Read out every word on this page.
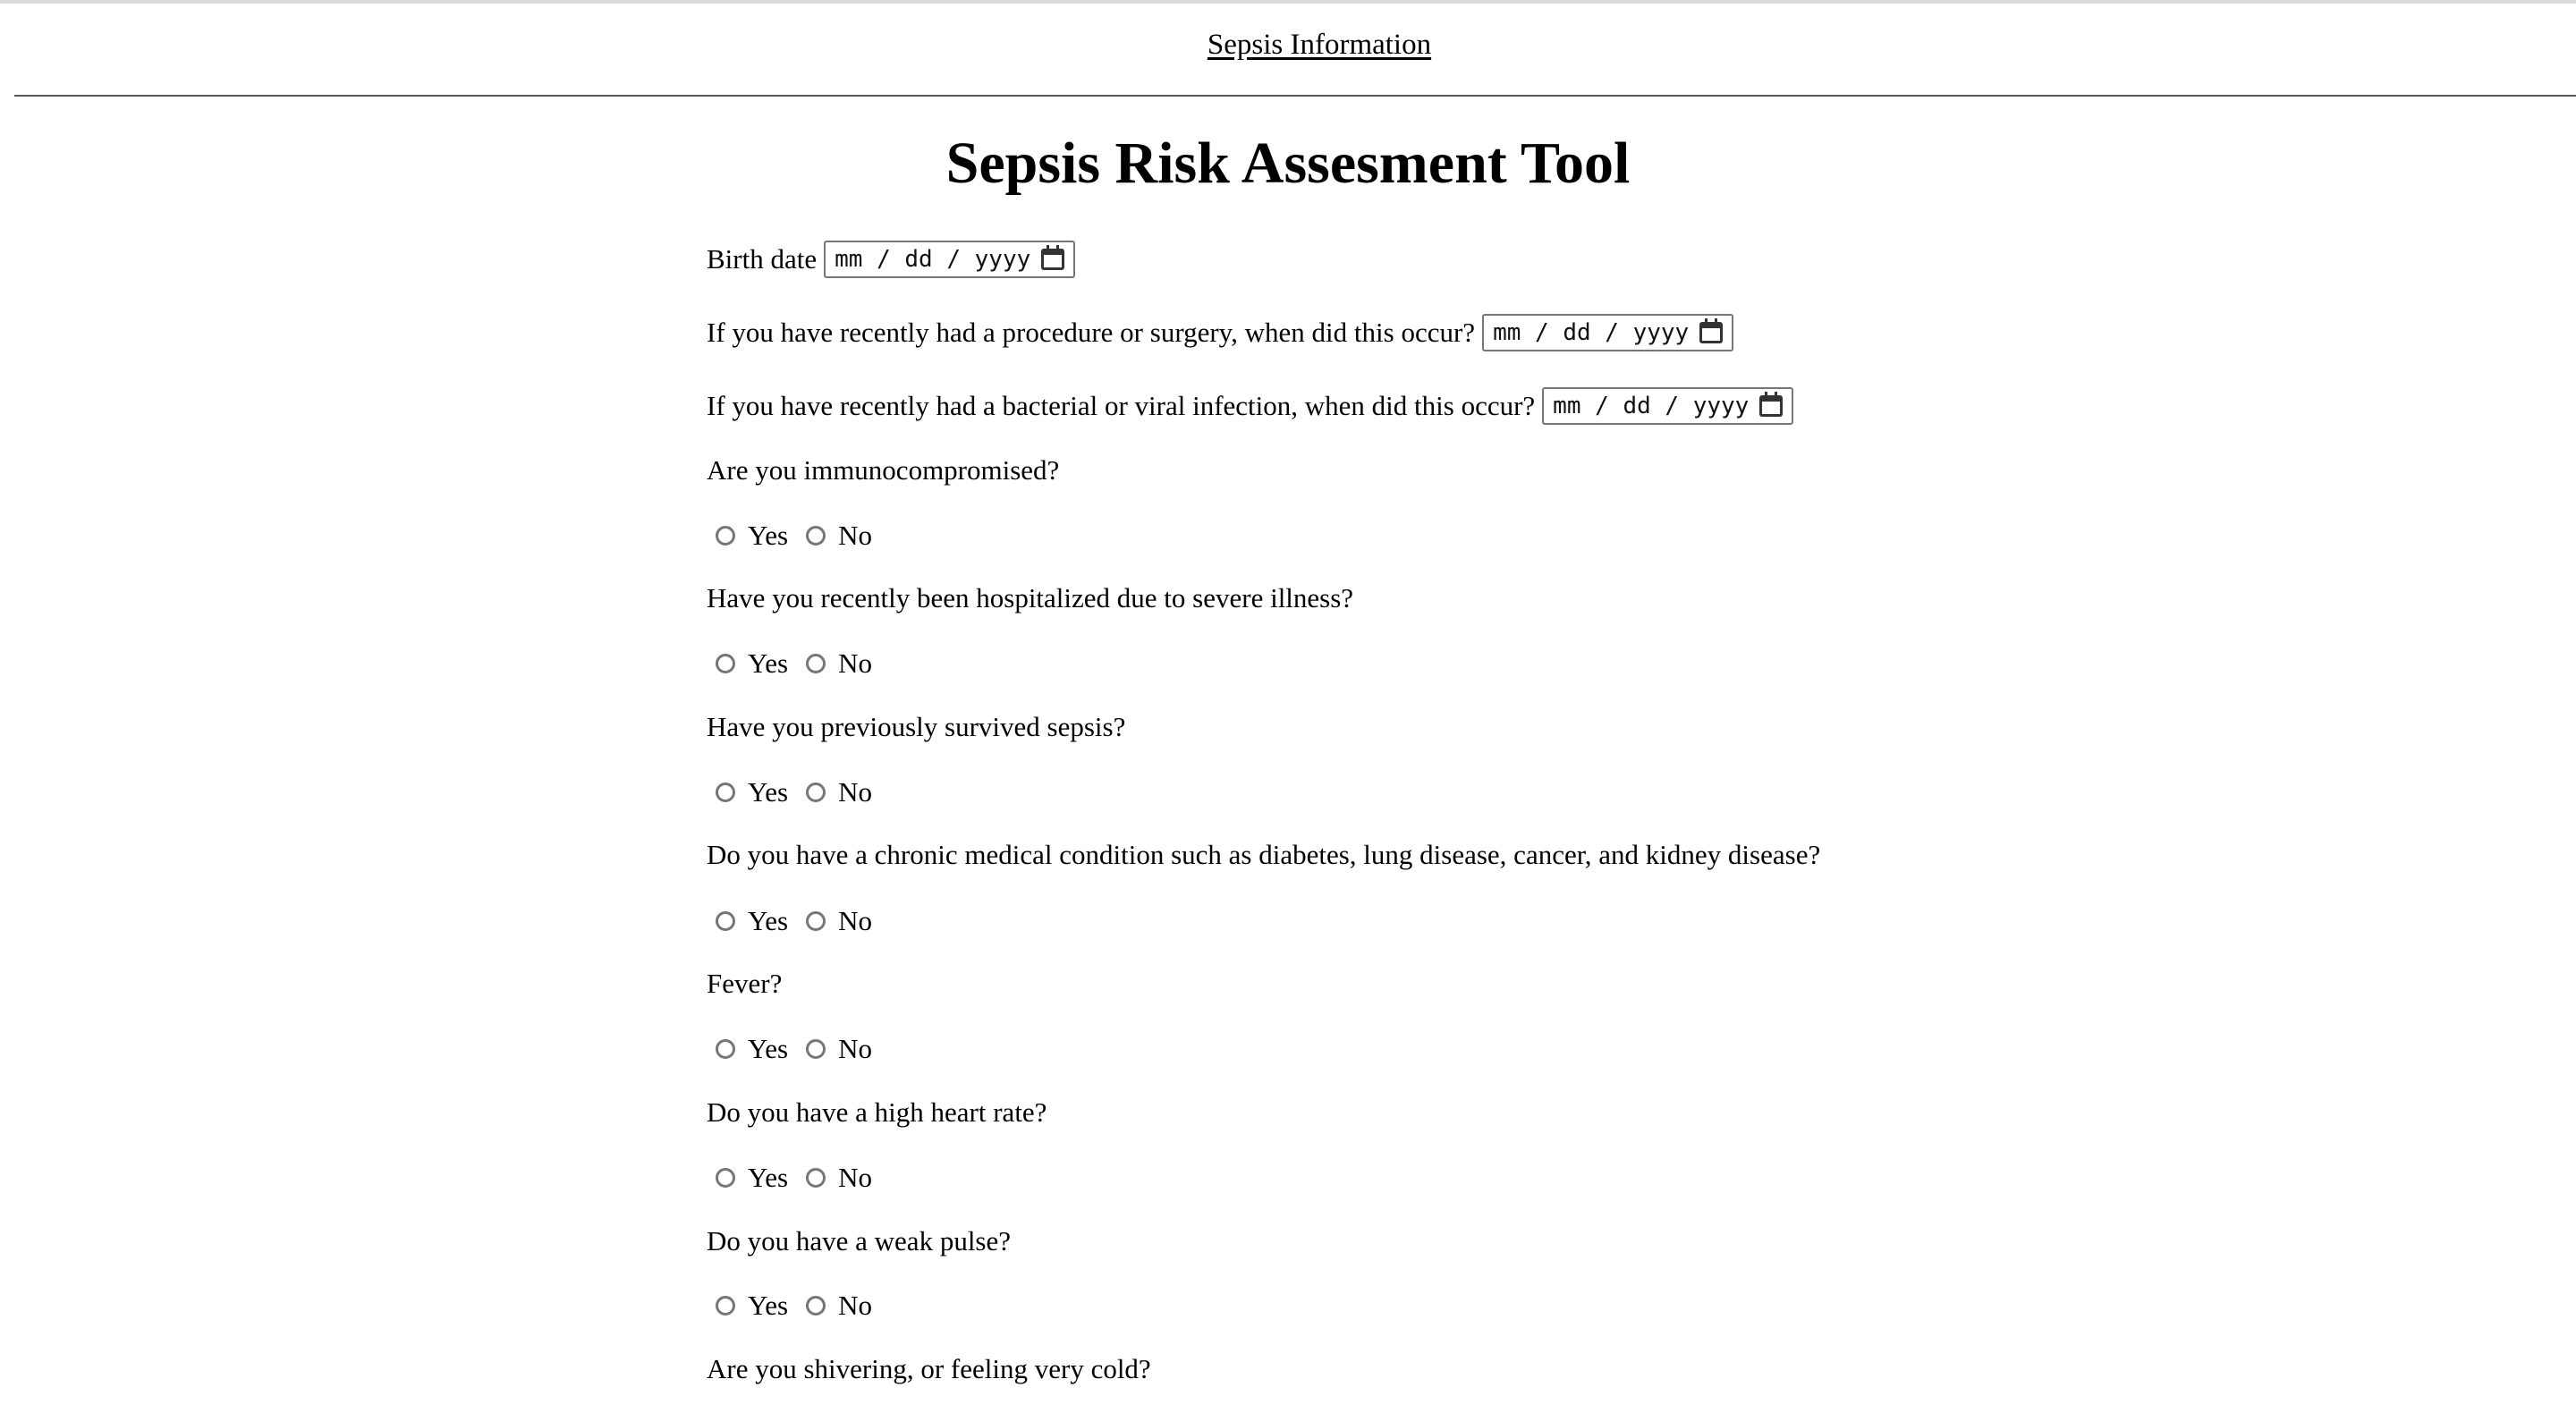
Sepsis Information
Sepsis Risk Assesment Tool
Birth date mm / dd / yyyy
If you have recently had a procedure or surgery, when did this occur? mm / dd / yyyy
If you have recently had a bacterial or viral infection, when did this occur? mm / dd / yyyy
Are you immunocompromised?
Yes No
Have you recently been hospitalized due to severe illness?
Yes No
Have you previously survived sepsis?
Yes No
Do you have a chronic medical condition such as diabetes, lung disease, cancer, and kidney disease?
Yes No
Fever?
Yes No
Do you have a high heart rate?
Yes No
Do you have a weak pulse?
Yes No
Are you shivering, or feeling very cold?
